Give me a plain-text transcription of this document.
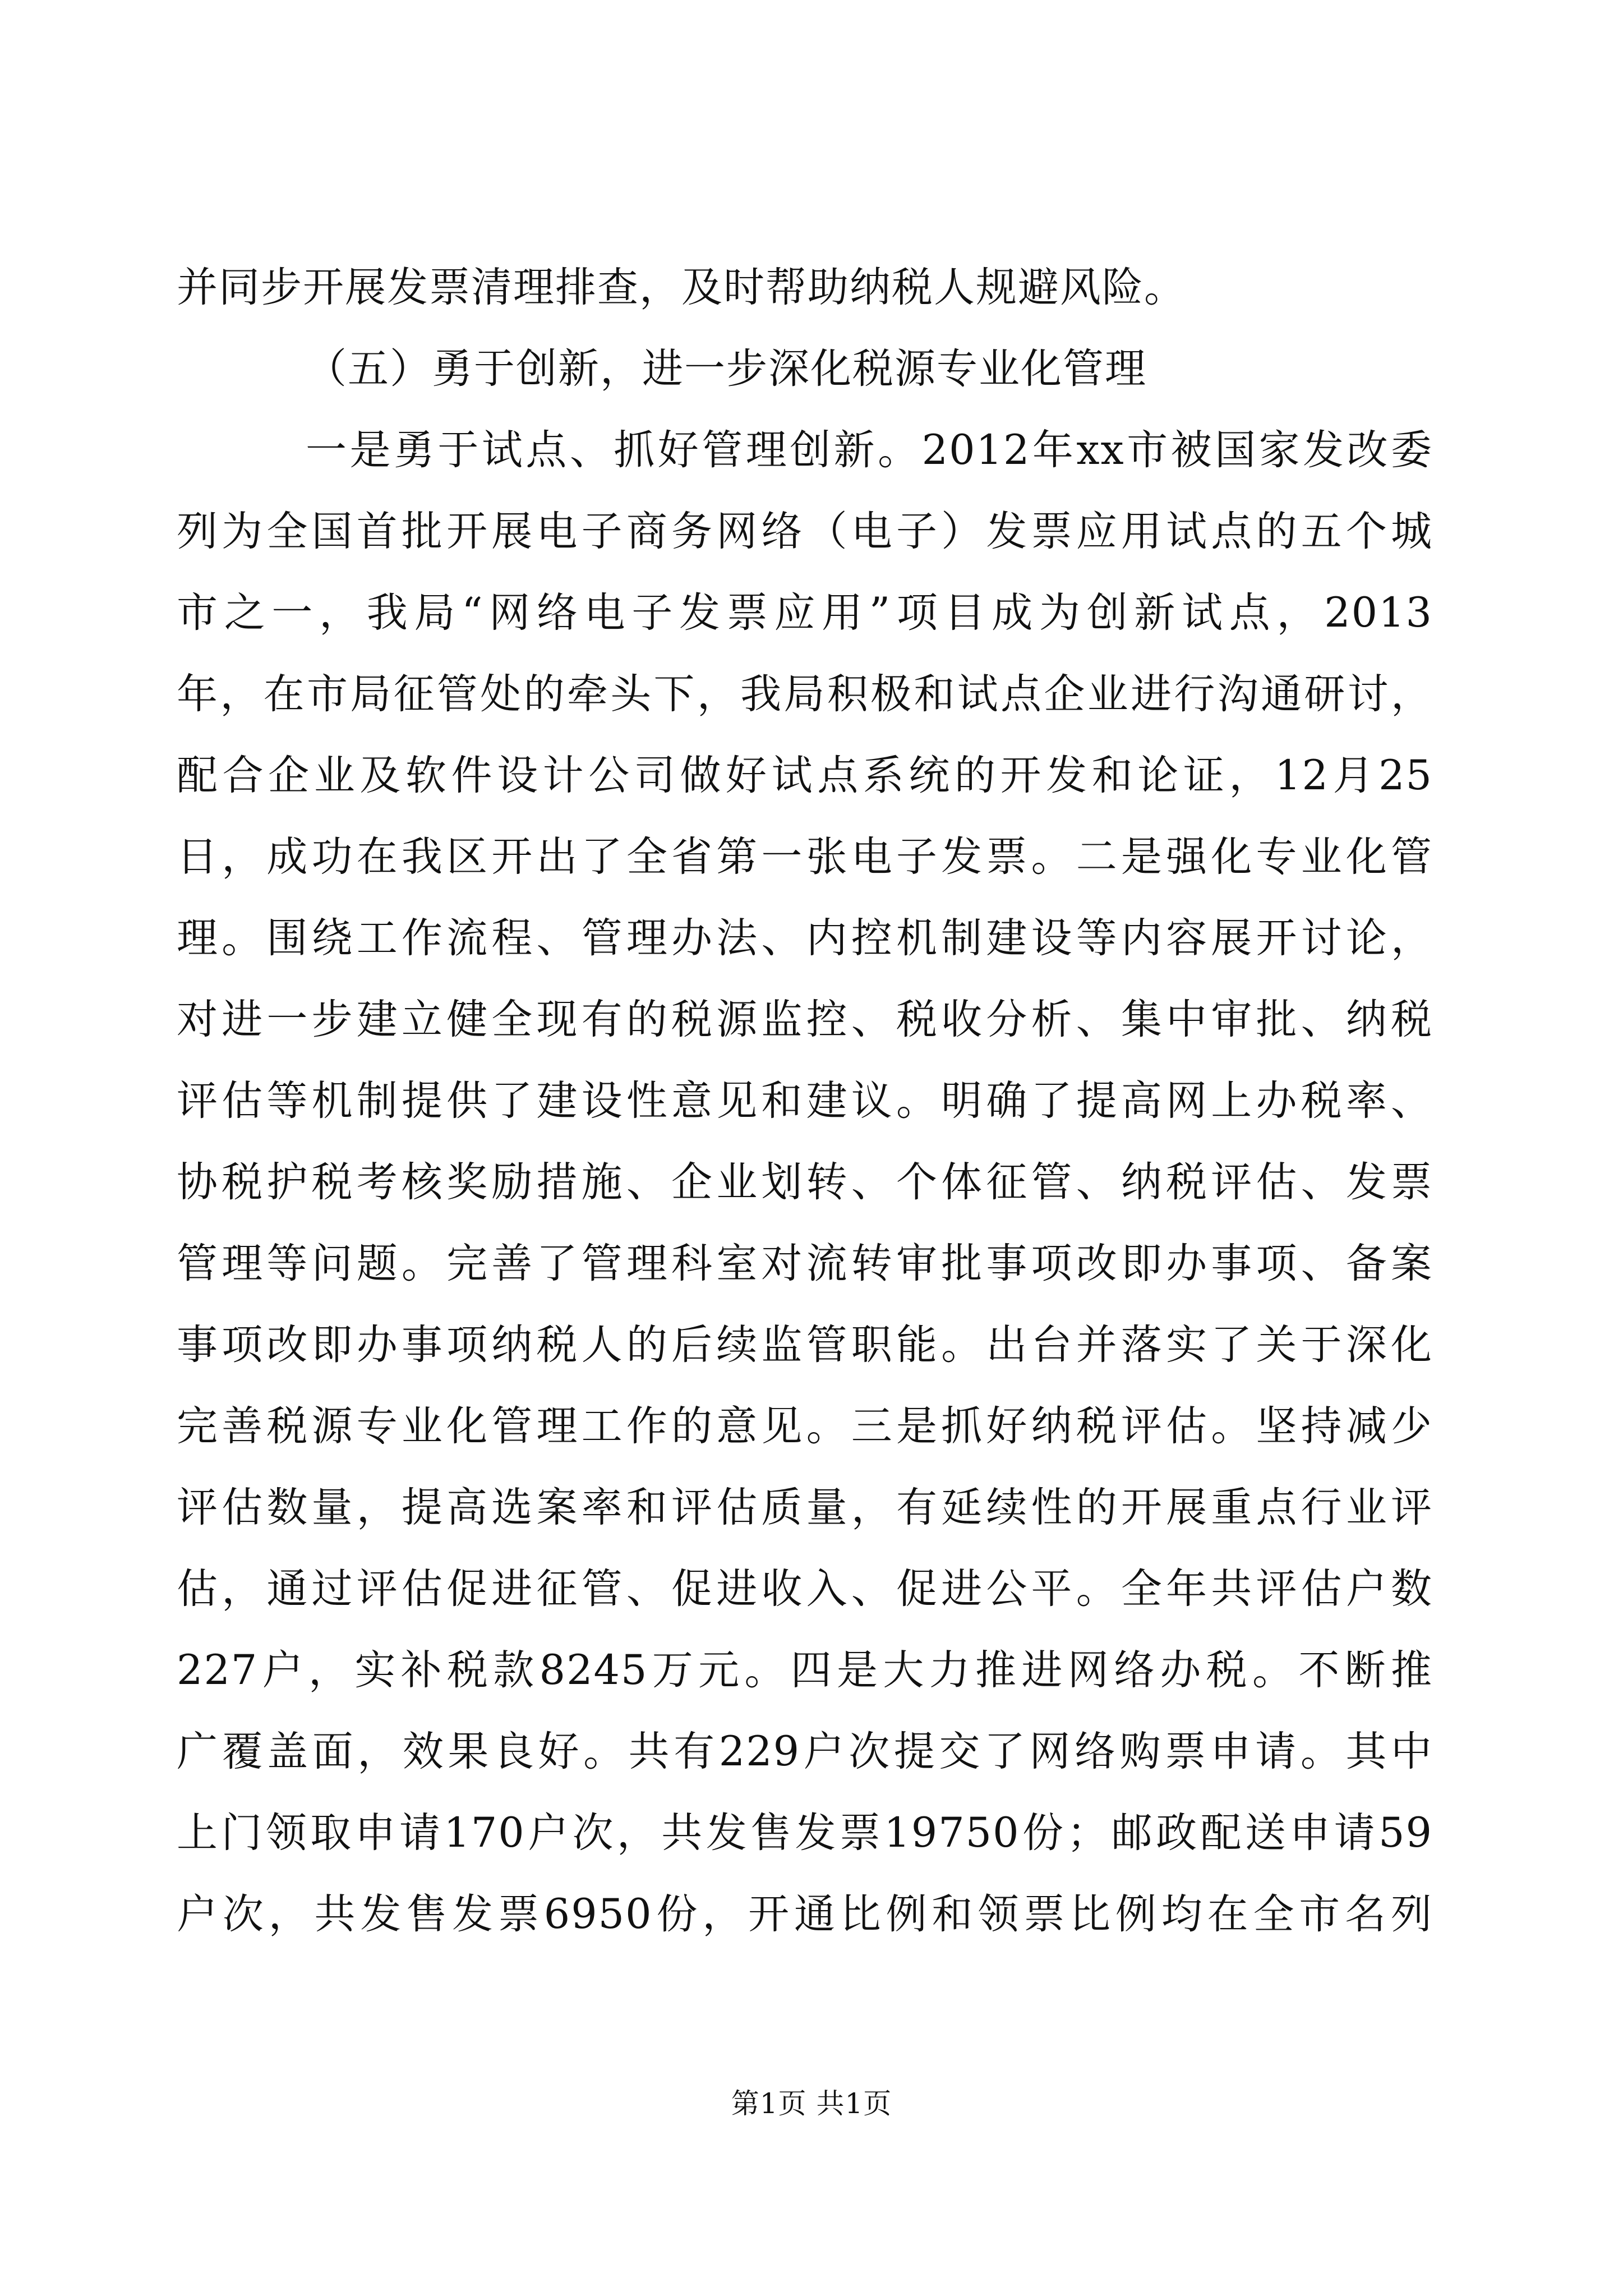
并同步开展发票清理排查，及时帮助纳税人规避风险。
（五）勇于创新，进一步深化税源专业化管理
一是勇于试点、抓好管理创新。2012年xx市被国家发改委
列为全国首批开展电子商务网络（电子）发票应用试点的五个城
市之一，我局“网络电子发票应用”项目成为创新试点，2013
年，在市局征管处的牵头下，我局积极和试点企业进行沟通研讨，
配合企业及软件设计公司做好试点系统的开发和论证，12月25
日，成功在我区开出了全省第一张电子发票。二是强化专业化管
理。围绕工作流程、管理办法、内控机制建设等内容展开讨论，
对进一步建立健全现有的税源监控、税收分析、集中审批、纳税
评估等机制提供了建设性意见和建议。明确了提高网上办税率、
协税护税考核奖励措施、企业划转、个体征管、纳税评估、发票
管理等问题。完善了管理科室对流转审批事项改即办事项、备案
事项改即办事项纳税人的后续监管职能。出台并落实了关于深化
完善税源专业化管理工作的意见。三是抓好纳税评估。坚持减少
评估数量，提高选案率和评估质量，有延续性的开展重点行业评
估，通过评估促进征管、促进收入、促进公平。全年共评估户数
227户，实补税款8245万元。四是大力推进网络办税。不断推
广覆盖面，效果良好。共有229户次提交了网络购票申请。其中
上门领取申请170户次，共发售发票19750份；邮政配送申请59
户次，共发售发票6950份，开通比例和领票比例均在全市名列
第1页 共1页
